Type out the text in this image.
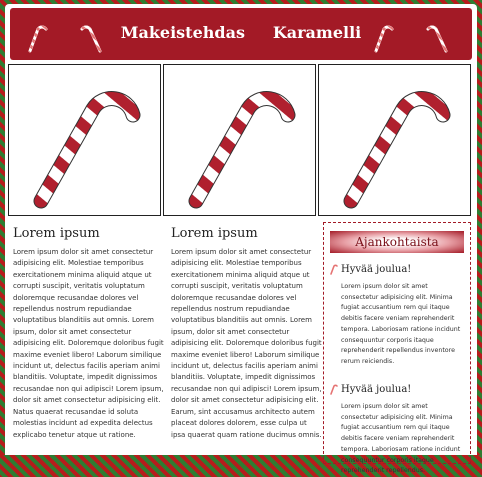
Makeistehdas Karamelli
Lorem ipsum

Lorem ipsum dolor sit amet consectetur adipisicing elit. Molestiae temporibus exercitationem minima aliquid atque ut corrupti suscipit, veritatis voluptatum doloremque recusandae dolores vel repellendus nostrum repudiandae voluptatibus blanditiis aut omnis. Lorem ipsum, dolor sit amet consectetur adipisicing elit. Doloremque doloribus fugit maxime eveniet libero! Laborum similique incidunt ut, delectus facilis aperiam animi blanditiis. Voluptate, impedit dignissimos recusandae non qui adipisci! Lorem ipsum, dolor sit amet consectetur adipisicing elit. Natus quaerat recusandae id soluta molestias incidunt ad expedita delectus explicabo tenetur atque ut ratione.

Lorem ipsum

Lorem ipsum dolor sit amet consectetur adipisicing elit. Molestiae temporibus exercitationem minima aliquid atque ut corrupti suscipit, veritatis voluptatum doloremque recusandae dolores vel repellendus nostrum repudiandae voluptatibus blanditiis aut omnis. Lorem ipsum, dolor sit amet consectetur adipisicing elit. Doloremque doloribus fugit maxime eveniet libero! Laborum similique incidunt ut, delectus facilis aperiam animi blanditiis. Voluptate, impedit dignissimos recusandae non qui adipisci! Lorem ipsum, dolor sit amet consectetur adipisicing elit. Earum, sint accusamus architecto autem placeat dolores dolorem, esse culpa ut ipsa quaerat quam ratione ducimus omnis.

Ajankohtaista
Hyvää joulua!

Lorem ipsum dolor sit amet consectetur adipisicing elit. Minima fugiat accusantium rem qui itaque debitis facere veniam reprehenderit tempora. Laboriosam ratione incidunt consequuntur corporis itaque reprehenderit repellendus inventore rerum reiciendis.

Hyvää joulua!

Lorem ipsum dolor sit amet consectetur adipisicing elit. Minima fugiat accusantium rem qui itaque debitis facere veniam reprehenderit tempora. Laboriosam ratione incidunt consequuntur corporis itaque reprehenderit repellendus.
